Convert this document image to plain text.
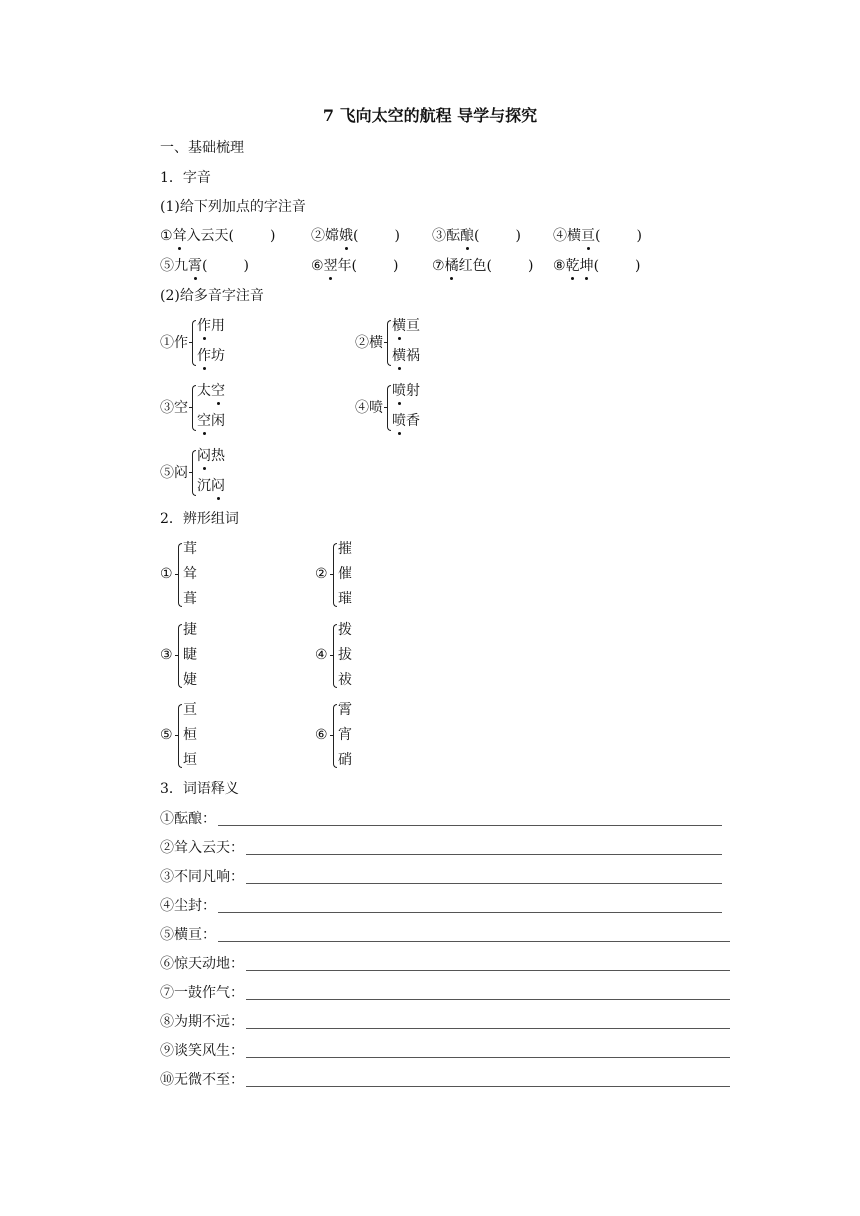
7 飞向太空的航程 导学与探究
一、基础梳理
1．字音
(1)给下列加点的字注音
①耸入云天(	)	②嫦娥(	) ③酝酿(	) ④横亘(	)
⑤九霄(	)	⑥翌年(	) ⑦橘红色(	) ⑧乾坤(	)
(2)给多音字注音
①作
作用
作坊
②横
横亘
横祸
③空
太空
空闲
④喷
喷射
喷香
⑤闷
闷热
沉闷
2．辨形组词
①
茸
耸
葺
②
摧
催
璀
③
捷
睫
婕
④
拨
拔
祓
⑤
亘
桓
垣
⑥
霄
宵
硝
3．词语释义
①酝酿：
②耸入云天：
③不同凡响：
④尘封：
⑤横亘：
⑥惊天动地：
⑦一鼓作气：
⑧为期不远：
⑨谈笑风生：
⑩无微不至：
